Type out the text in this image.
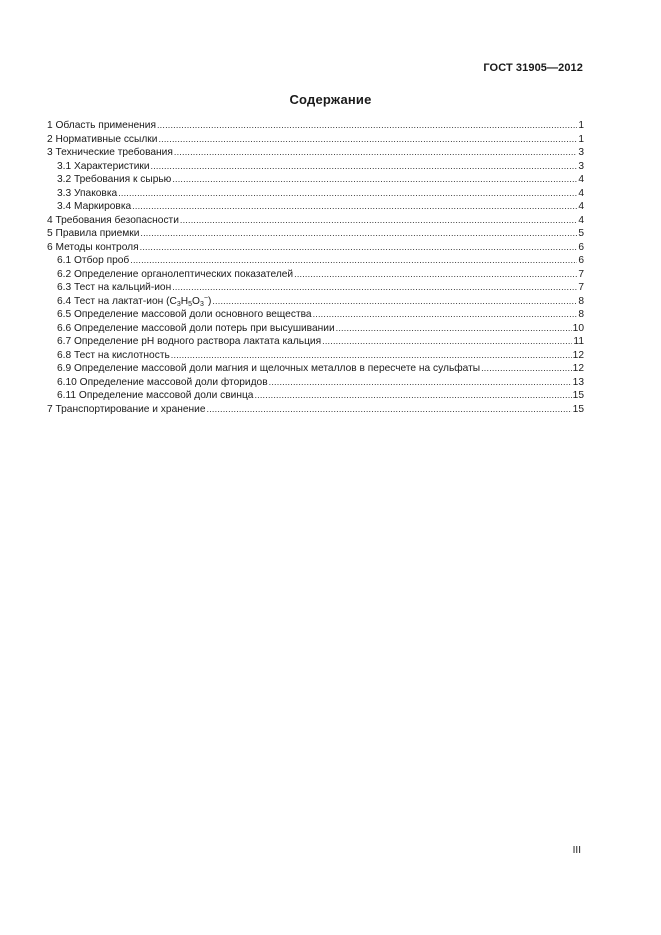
ГОСТ 31905—2012
Содержание
1 Область применения .....	1
2 Нормативные ссылки .....	1
3 Технические требования .....	3
3.1 Характеристики .....	3
3.2 Требования к сырью .....	4
3.3 Упаковка .....	4
3.4 Маркировка .....	4
4 Требования безопасности .....	4
5 Правила приемки .....	5
6 Методы контроля .....	6
6.1 Отбор проб .....	6
6.2 Определение органолептических показателей .....	7
6.3 Тест на кальций-ион .....	7
6.4 Тест на лактат-ион $(C_3H_5O_3^-)$ .....	8
6.5 Определение массовой доли основного вещества .....	8
6.6 Определение массовой доли потерь при высушивании .....	10
6.7 Определение pH водного раствора лактата кальция .....	11
6.8 Тест на кислотность .....	12
6.9 Определение массовой доли магния и щелочных металлов в пересчете на сульфаты .....	12
6.10 Определение массовой доли фторидов .....	13
6.11 Определение массовой доли свинца .....	15
7 Транспортирование и хранение .....	15
III
